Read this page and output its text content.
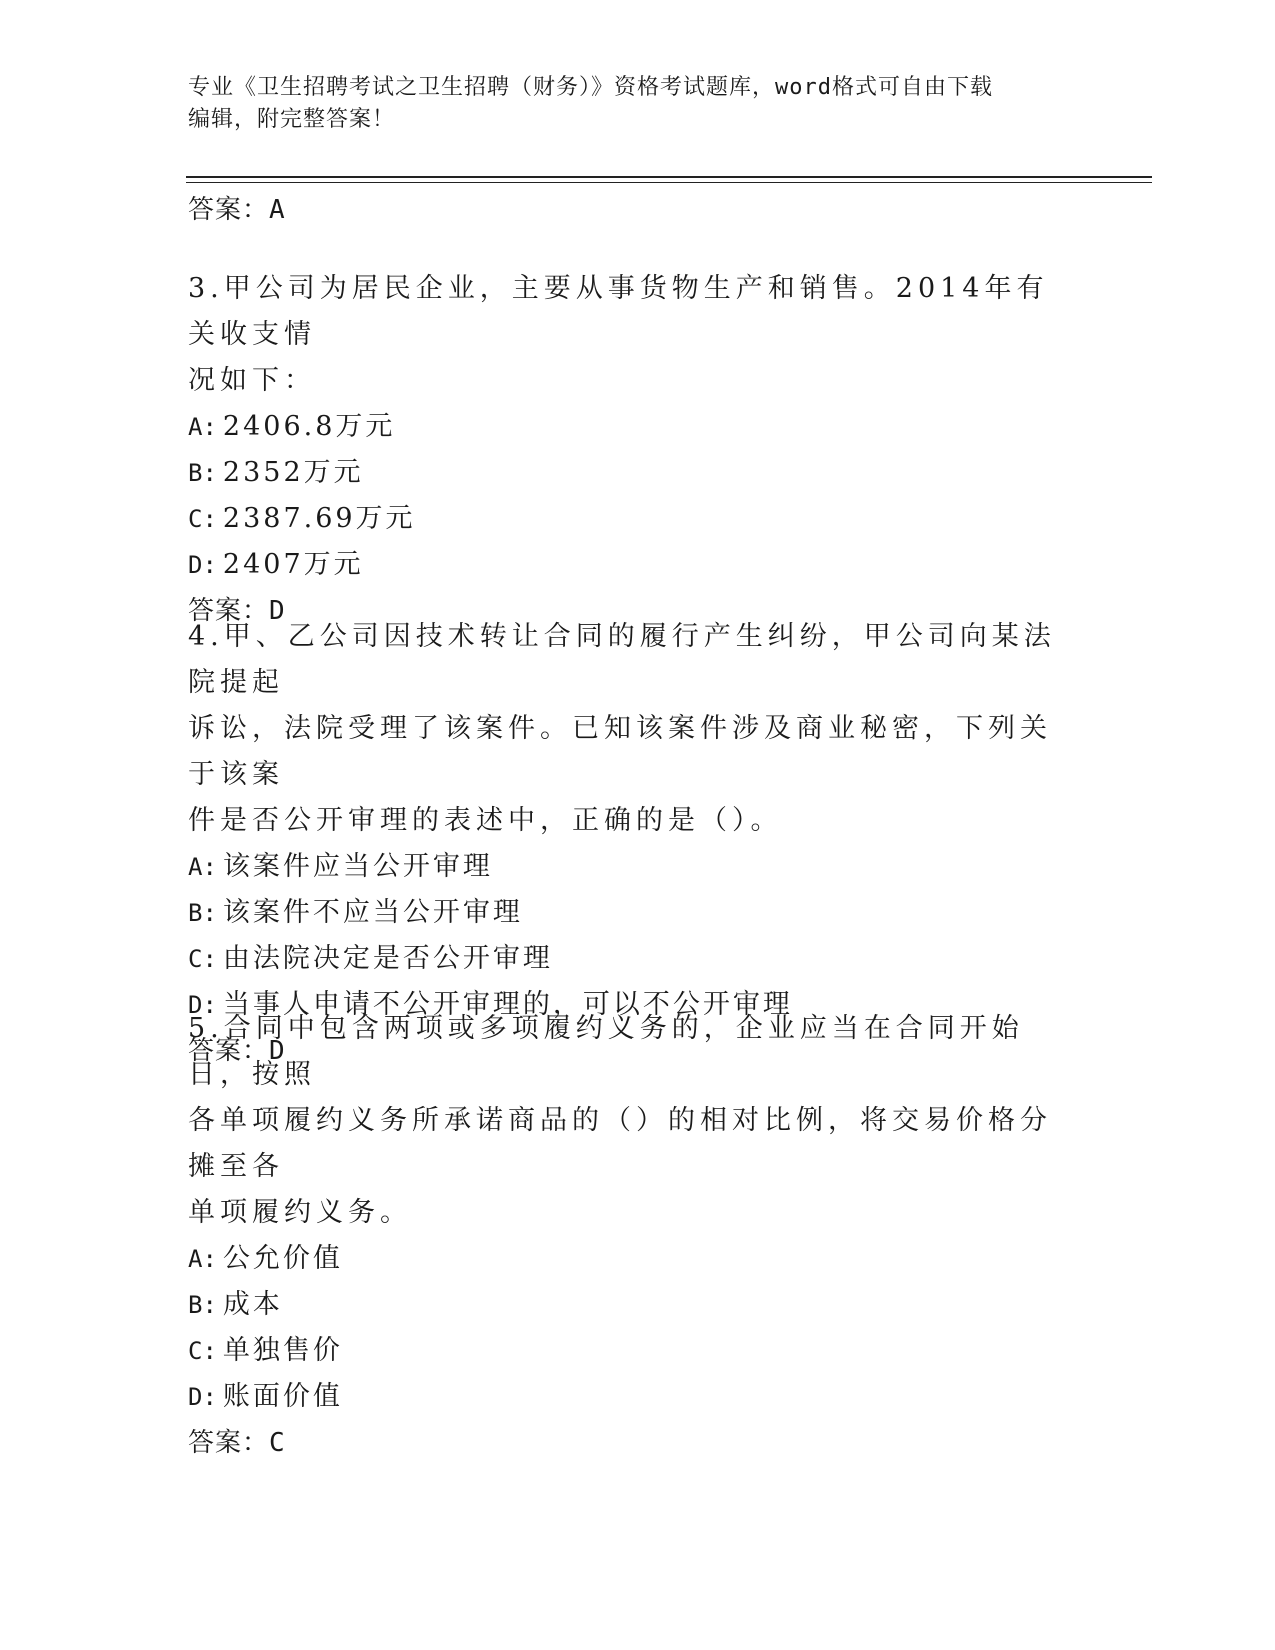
专业《卫生招聘考试之卫生招聘（财务）》资格考试题库，word格式可自由下载
编辑，附完整答案！
答案：A
3.甲公司为居民企业，主要从事货物生产和销售。2014年有关收支情
况如下：
A: 2406.8万元
B: 2352万元
C: 2387.69万元
D: 2407万元
答案：D
4.甲、乙公司因技术转让合同的履行产生纠纷，甲公司向某法院提起
诉讼，法院受理了该案件。已知该案件涉及商业秘密，下列关于该案
件是否公开审理的表述中，正确的是（）。
A: 该案件应当公开审理
B: 该案件不应当公开审理
C: 由法院决定是否公开审理
D: 当事人申请不公开审理的，可以不公开审理
答案：D
5.合同中包含两项或多项履约义务的，企业应当在合同开始日，按照
各单项履约义务所承诺商品的（）的相对比例，将交易价格分摊至各
单项履约义务。
A: 公允价值
B: 成本
C: 单独售价
D: 账面价值
答案：C
